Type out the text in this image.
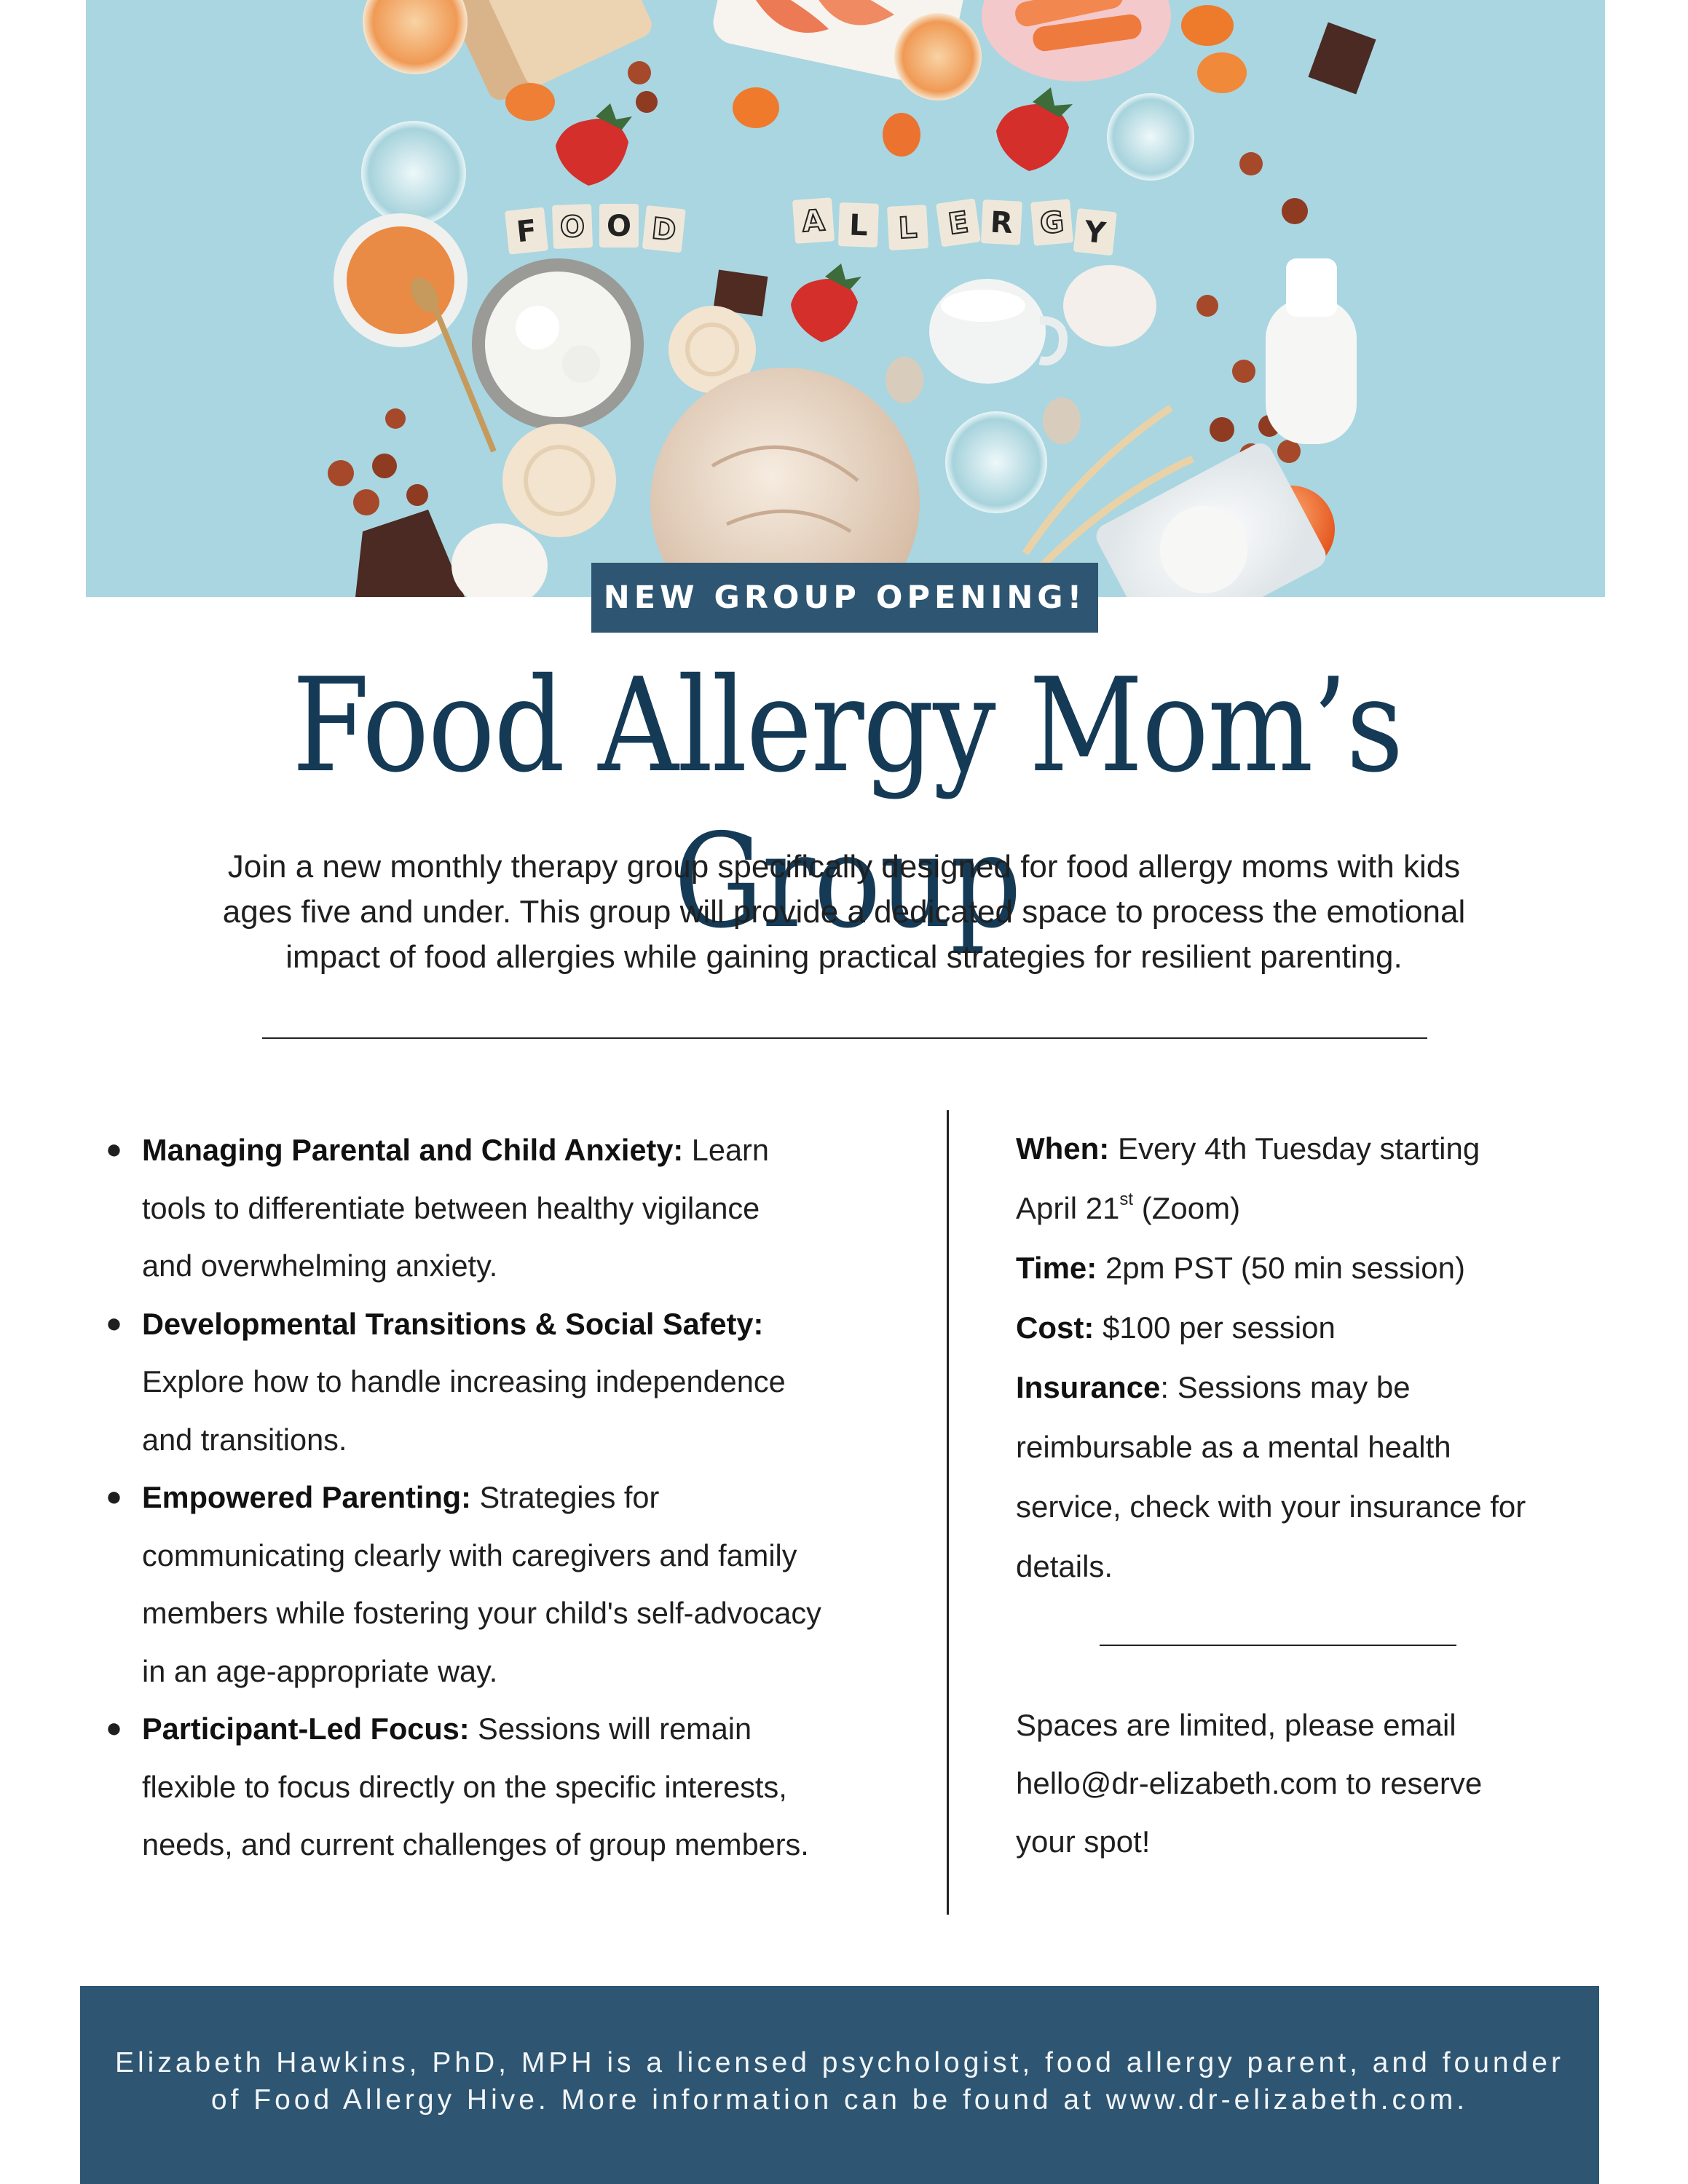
F O O D	A L L E R G Y
NEW GROUP OPENING!
Food Allergy Mom’s Group
Join a new monthly therapy group specifically designed for food allergy moms with kids
ages five and under. This group will provide a dedicated space to process the emotional
impact of food allergies while gaining practical strategies for resilient parenting.
● Managing Parental and Child Anxiety: Learn
tools to differentiate between healthy vigilance
and overwhelming anxiety.
● Developmental Transitions & Social Safety:
Explore how to handle increasing independence
and transitions.
● Empowered Parenting: Strategies for
communicating clearly with caregivers and family
members while fostering your child's self-advocacy
in an age-appropriate way.
● Participant-Led Focus: Sessions will remain
flexible to focus directly on the specific interests,
needs, and current challenges of group members.
When: Every 4th Tuesday starting
April 21st (Zoom)
Time: 2pm PST (50 min session)
Cost: $100 per session
Insurance: Sessions may be
reimbursable as a mental health
service, check with your insurance for
details.
Spaces are limited, please email
hello@dr-elizabeth.com to reserve
your spot!
Elizabeth Hawkins, PhD, MPH is a licensed psychologist, food allergy parent, and founder
of Food Allergy Hive. More information can be found at www.dr-elizabeth.com.
